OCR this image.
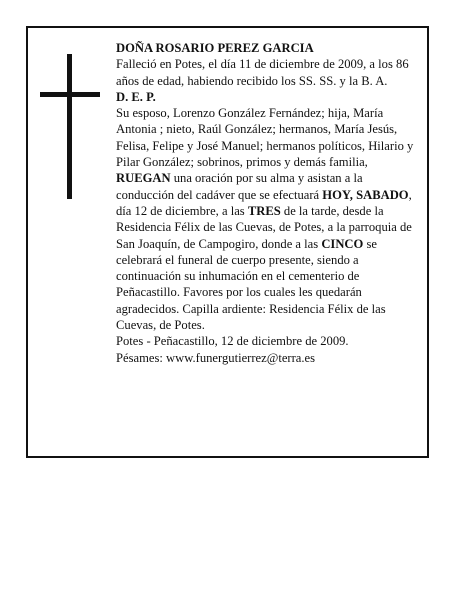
DOÑA ROSARIO PEREZ GARCIA

Falleció en Potes, el día 11 de diciembre de 2009, a los 86 años de edad, habiendo recibido los SS. SS. y la B. A.

D. E. P.

Su esposo, Lorenzo González Fernández; hija, María Antonia ; nieto, Raúl González; hermanos, María Jesús, Felisa, Felipe y José Manuel; hermanos políticos, Hilario y Pilar González; sobrinos, primos y demás familia,

RUEGAN una oración por su alma y asistan a la conducción del cadáver que se efectuará HOY, SABADO, día 12 de diciembre, a las TRES de la tarde, desde la Residencia Félix de las Cuevas, de Potes, a la parroquia de San Joaquín, de Campogiro, donde a las CINCO se celebrará el funeral de cuerpo presente, siendo a continuación su inhumación en el cementerio de Peñacastillo. Favores por los cuales les quedarán agradecidos. Capilla ardiente: Residencia Félix de las Cuevas, de Potes.

Potes - Peñacastillo, 12 de diciembre de 2009.

Pésames: www.funergutierrez@terra.es
